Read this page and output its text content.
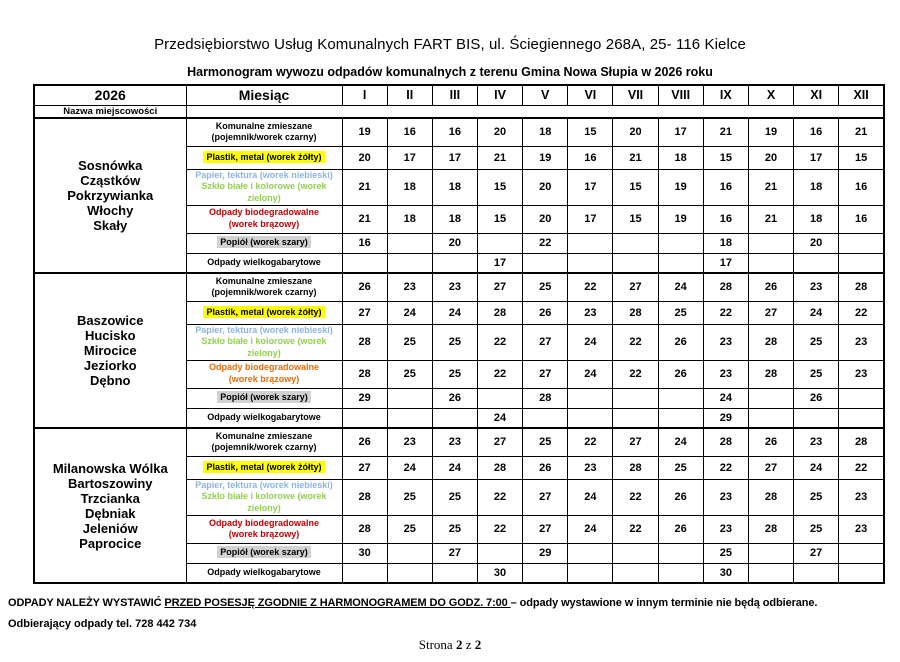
Przedsiębiorstwo Usług Komunalnych FART BIS, ul. Ściegiennego 268A, 25- 116 Kielce
Harmonogram wywozu odpadów komunalnych z terenu Gmina Nowa Słupia w 2026 roku
2026	Miesiąc	I	II	III	IV	V	VI	VII	VIII	IX	X	XI	XII
Nazwa miejscowości													

Sosnówka
Cząstków
Pokrzywianka
Włochy
Skały

Komunalne zmieszane
(pojemnik/worek czarny)	19	16	16	20	18	15	20	17	21	19	16	21
	Plastik, metal (worek żółty)	20	17	17	21	19	16	21	18	15	20	17	15

	Papier, tektura (worek niebieski)
Szkło białe i kolorowe (worek zielony)	21	18	18	15	20	17	15	19	16	21	18	16

	Odpady biodegradowalne
(worek brązowy)	21	18	18	15	20	17	15	19	16	21	18	16
	Popiół (worek szary)	16		20		22				18		20	

	Odpady wielkogabarytowe				17					17			

Baszowice
Hucisko
Mirocice
Jeziorko
Dębno

Komunalne zmieszane
(pojemnik/worek czarny)	26	23	23	27	25	22	27	24	28	26	23	28
	Plastik, metal (worek żółty)	27	24	24	28	26	23	28	25	22	27	24	22

	Papier, tektura (worek niebieski)
Szkło białe i kolorowe (worek zielony)	28	25	25	22	27	24	22	26	23	28	25	23

	Odpady biodegradowalne
(worek brązowy)	28	25	25	22	27	24	22	26	23	28	25	23
	Popiół (worek szary)	29		26		28				24		26	

	Odpady wielkogabarytowe				24					29			

Milanowska Wólka
Bartoszowiny
Trzcianka
Dębniak
Jeleniów
Paprocice

Komunalne zmieszane
(pojemnik/worek czarny)	26	23	23	27	25	22	27	24	28	26	23	28
	Plastik, metal (worek żółty)	27	24	24	28	26	23	28	25	22	27	24	22

	Papier, tektura (worek niebieski)
Szkło białe i kolorowe (worek zielony)	28	25	25	22	27	24	22	26	23	28	25	23

	Odpady biodegradowalne
(worek brązowy)	28	25	25	22	27	24	22	26	23	28	25	23
	Popiół (worek szary)	30		27		29				25		27	

	Odpady wielkogabarytowe				30					30			
ODPADY NALEŻY WYSTAWIĆ PRZED POSESJĘ ZGODNIE Z HARMONOGRAMEM DO GODZ. 7:00 – odpady wystawione w innym terminie nie będą odbierane.
Odbierający odpady tel. 728 442 734
Strona 2 z 2
